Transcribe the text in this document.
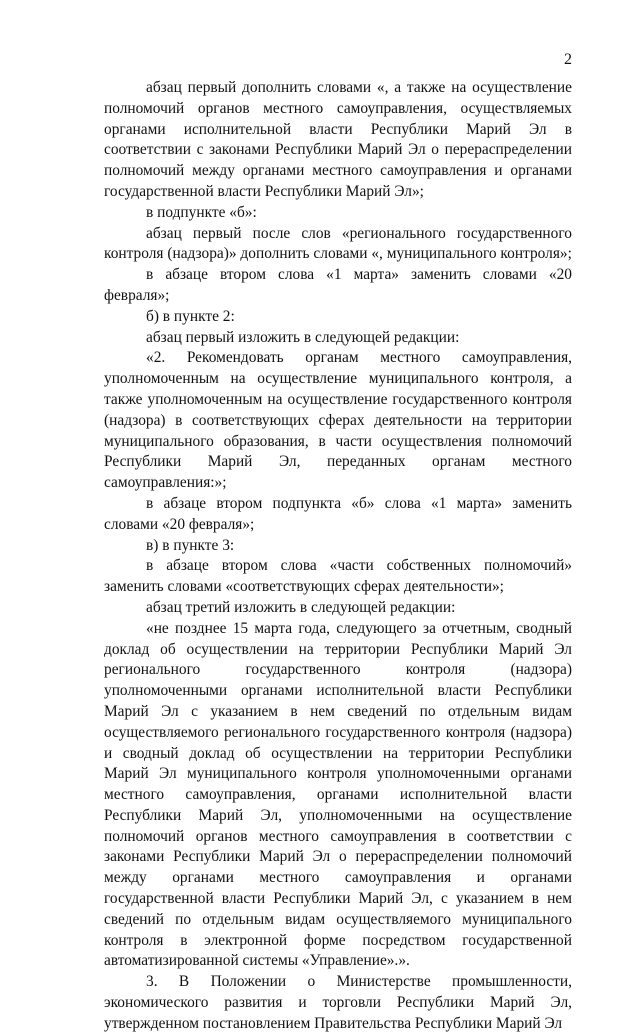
2

абзац первый дополнить словами «, а также на осуществление полномочий органов местного самоуправления, осуществляемых органами исполнительной власти Республики Марий Эл в соответствии с законами Республики Марий Эл о перераспределении полномочий между органами местного самоуправления и органами государственной власти Республики Марий Эл»;

в подпункте «б»:

абзац первый после слов «регионального государственного контроля (надзора)» дополнить словами «, муниципального контроля»;

в абзаце втором слова «1 марта» заменить словами «20 февраля»;

б) в пункте 2:

абзац первый изложить в следующей редакции:

«2. Рекомендовать органам местного самоуправления, уполномоченным на осуществление муниципального контроля, а также уполномоченным на осуществление государственного контроля (надзора) в соответствующих сферах деятельности на территории муниципального образования, в части осуществления полномочий Республики Марий Эл, переданных органам местного самоуправления:»;

в абзаце втором подпункта «б» слова «1 марта» заменить словами «20 февраля»;

в) в пункте 3:

в абзаце втором слова «части собственных полномочий» заменить словами «соответствующих сферах деятельности»;

абзац третий изложить в следующей редакции:

«не позднее 15 марта года, следующего за отчетным, сводный доклад об осуществлении на территории Республики Марий Эл регионального государственного контроля (надзора) уполномоченными органами исполнительной власти Республики Марий Эл с указанием в нем сведений по отдельным видам осуществляемого регионального государственного контроля (надзора) и сводный доклад об осуществлении на территории Республики Марий Эл муниципального контроля уполномоченными органами местного самоуправления, органами исполнительной власти Республики Марий Эл, уполномоченными на осуществление полномочий органов местного самоуправления в соответствии с законами Республики Марий Эл о перераспределении полномочий между органами местного самоуправления и органами государственной власти Республики Марий Эл, с указанием в нем сведений по отдельным видам осуществляемого муниципального контроля в электронной форме посредством государственной автоматизированной системы «Управление».».

3. В Положении о Министерстве промышленности, экономического развития и торговли Республики Марий Эл, утвержденном постановлением Правительства Республики Марий Эл
